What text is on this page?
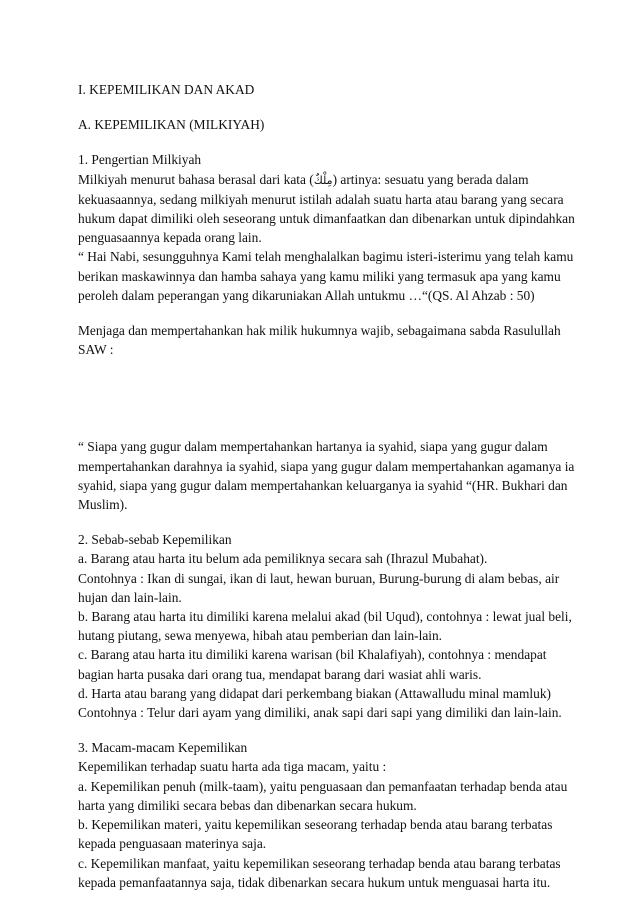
I. KEPEMILIKAN DAN AKAD

A. KEPEMILIKAN (MILKIYAH)

1. Pengertian Milkiyah

Milkiyah menurut bahasa berasal dari kata (مِلْكٌ) artinya: sesuatu yang berada dalam kekuasaannya, sedang milkiyah menurut istilah adalah suatu harta atau barang yang secara hukum dapat dimiliki oleh seseorang untuk dimanfaatkan dan dibenarkan untuk dipindahkan penguasaannya kepada orang lain.

“ Hai Nabi, sesungguhnya Kami telah menghalalkan bagimu isteri-isterimu yang telah kamu berikan maskawinnya dan hamba sahaya yang kamu miliki yang termasuk apa yang kamu peroleh dalam peperangan yang dikaruniakan Allah untukmu …“(QS. Al Ahzab : 50)

Menjaga dan mempertahankan hak milik hukumnya wajib, sebagaimana sabda Rasulullah SAW :

“ Siapa yang gugur dalam mempertahankan hartanya ia syahid, siapa yang gugur dalam mempertahankan darahnya ia syahid, siapa yang gugur dalam mempertahankan agamanya ia syahid, siapa yang gugur dalam mempertahankan keluarganya ia syahid “(HR. Bukhari dan Muslim).

2. Sebab-sebab Kepemilikan

a. Barang atau harta itu belum ada pemiliknya secara sah (Ihrazul Mubahat).

Contohnya : Ikan di sungai, ikan di laut, hewan buruan, Burung-burung di alam bebas, air hujan dan lain-lain.

b. Barang atau harta itu dimiliki karena melalui akad (bil Uqud), contohnya : lewat jual beli, hutang piutang, sewa menyewa, hibah atau pemberian dan lain-lain.

c. Barang atau harta itu dimiliki karena warisan (bil Khalafiyah), contohnya : mendapat bagian harta pusaka dari orang tua, mendapat barang dari wasiat ahli waris.

d. Harta atau barang yang didapat dari perkembang biakan (Attawalludu minal mamluk)

Contohnya : Telur dari ayam yang dimiliki, anak sapi dari sapi yang dimiliki dan lain-lain.

3. Macam-macam Kepemilikan

Kepemilikan terhadap suatu harta ada tiga macam, yaitu :

a. Kepemilikan penuh (milk-taam), yaitu penguasaan dan pemanfaatan terhadap benda atau harta yang dimiliki secara bebas dan dibenarkan secara hukum.

b. Kepemilikan materi, yaitu kepemilikan seseorang terhadap benda atau barang terbatas kepada penguasaan materinya saja.

c. Kepemilikan manfaat, yaitu kepemilikan seseorang terhadap benda atau barang terbatas kepada pemanfaatannya saja, tidak dibenarkan secara hukum untuk menguasai harta itu.
